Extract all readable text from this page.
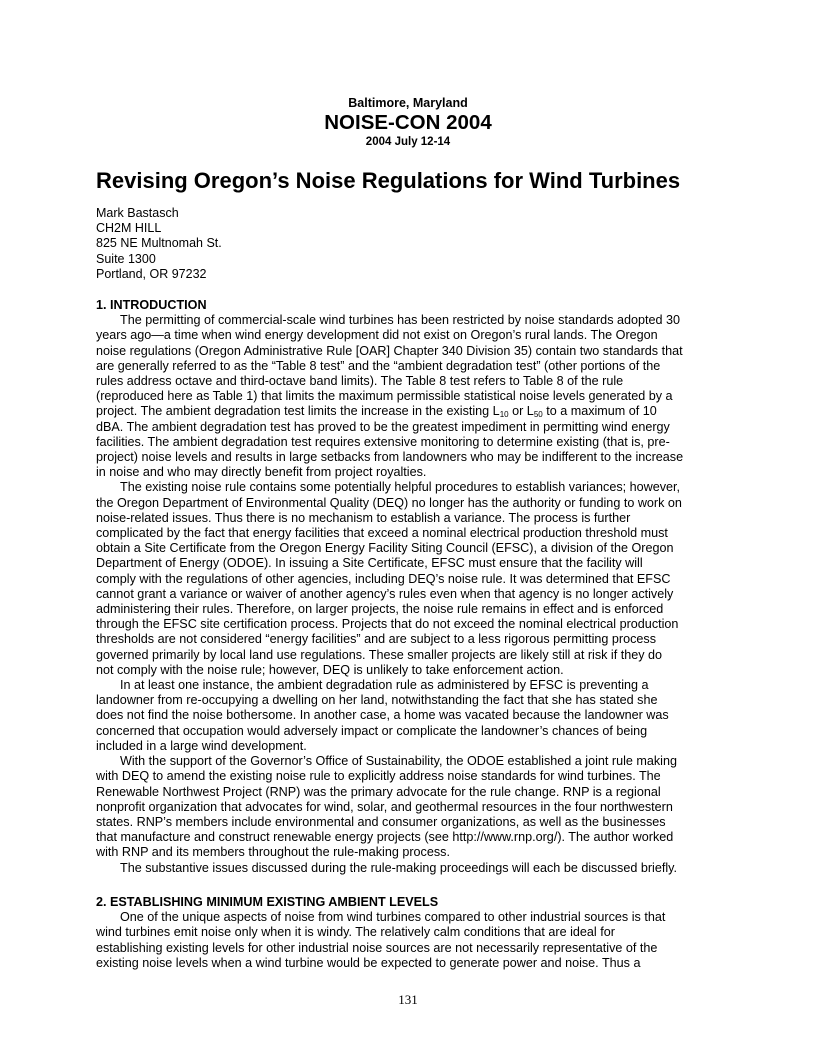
Baltimore, Maryland
NOISE-CON 2004
2004 July 12-14
Revising Oregon’s Noise Regulations for Wind Turbines
Mark Bastasch
CH2M HILL
825 NE Multnomah St.
Suite 1300
Portland, OR 97232
1. INTRODUCTION
The permitting of commercial-scale wind turbines has been restricted by noise standards adopted 30
years ago—a time when wind energy development did not exist on Oregon’s rural lands. The Oregon
noise regulations (Oregon Administrative Rule [OAR] Chapter 340 Division 35) contain two standards that
are generally referred to as the “Table 8 test” and the “ambient degradation test” (other portions of the
rules address octave and third-octave band limits). The Table 8 test refers to Table 8 of the rule
(reproduced here as Table 1) that limits the maximum permissible statistical noise levels generated by a
project. The ambient degradation test limits the increase in the existing $L_{10}$ or $L_{50}$ to a maximum of 10
dBA. The ambient degradation test has proved to be the greatest impediment in permitting wind energy
facilities. The ambient degradation test requires extensive monitoring to determine existing (that is, pre-
project) noise levels and results in large setbacks from landowners who may be indifferent to the increase
in noise and who may directly benefit from project royalties.
The existing noise rule contains some potentially helpful procedures to establish variances; however,
the Oregon Department of Environmental Quality (DEQ) no longer has the authority or funding to work on
noise-related issues. Thus there is no mechanism to establish a variance. The process is further
complicated by the fact that energy facilities that exceed a nominal electrical production threshold must
obtain a Site Certificate from the Oregon Energy Facility Siting Council (EFSC), a division of the Oregon
Department of Energy (ODOE). In issuing a Site Certificate, EFSC must ensure that the facility will
comply with the regulations of other agencies, including DEQ’s noise rule. It was determined that EFSC
cannot grant a variance or waiver of another agency’s rules even when that agency is no longer actively
administering their rules. Therefore, on larger projects, the noise rule remains in effect and is enforced
through the EFSC site certification process. Projects that do not exceed the nominal electrical production
thresholds are not considered “energy facilities” and are subject to a less rigorous permitting process
governed primarily by local land use regulations. These smaller projects are likely still at risk if they do
not comply with the noise rule; however, DEQ is unlikely to take enforcement action.
In at least one instance, the ambient degradation rule as administered by EFSC is preventing a
landowner from re-occupying a dwelling on her land, notwithstanding the fact that she has stated she
does not find the noise bothersome. In another case, a home was vacated because the landowner was
concerned that occupation would adversely impact or complicate the landowner’s chances of being
included in a large wind development.
With the support of the Governor’s Office of Sustainability, the ODOE established a joint rule making
with DEQ to amend the existing noise rule to explicitly address noise standards for wind turbines. The
Renewable Northwest Project (RNP) was the primary advocate for the rule change. RNP is a regional
nonprofit organization that advocates for wind, solar, and geothermal resources in the four northwestern
states. RNP’s members include environmental and consumer organizations, as well as the businesses
that manufacture and construct renewable energy projects (see http://www.rnp.org/). The author worked
with RNP and its members throughout the rule-making process.
The substantive issues discussed during the rule-making proceedings will each be discussed briefly.
2. ESTABLISHING MINIMUM EXISTING AMBIENT LEVELS
One of the unique aspects of noise from wind turbines compared to other industrial sources is that
wind turbines emit noise only when it is windy. The relatively calm conditions that are ideal for
establishing existing levels for other industrial noise sources are not necessarily representative of the
existing noise levels when a wind turbine would be expected to generate power and noise. Thus a
131
